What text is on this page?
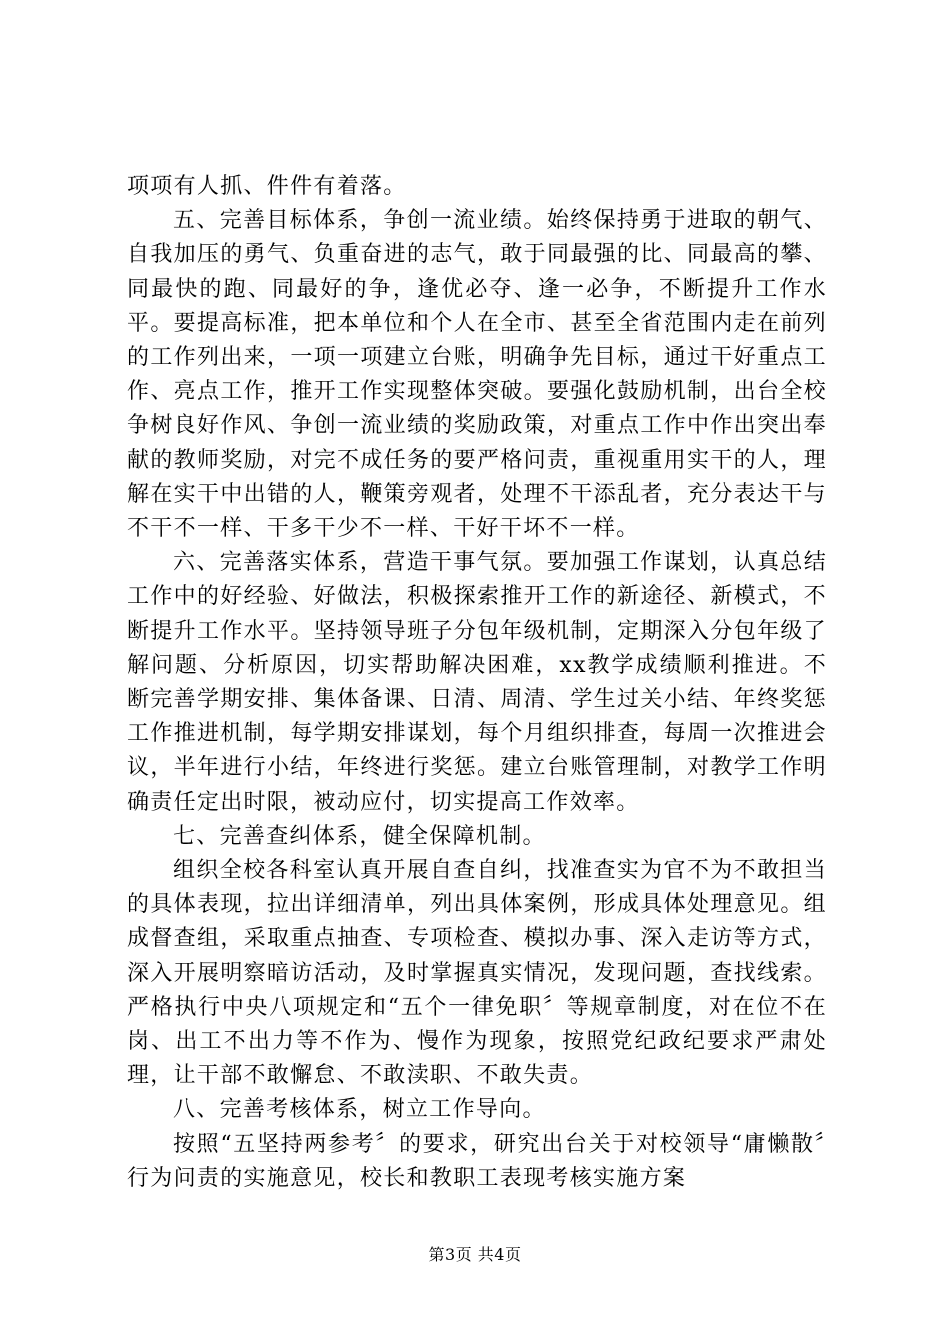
项项有人抓、件件有着落。

五、完善目标体系，争创一流业绩。始终保持勇于进取的朝气、自我加压的勇气、负重奋进的志气，敢于同最强的比、同最高的攀、同最快的跑、同最好的争，逢优必夺、逢一必争，不断提升工作水平。要提高标准，把本单位和个人在全市、甚至全省范围内走在前列的工作列出来，一项一项建立台账，明确争先目标，通过干好重点工作、亮点工作，推开工作实现整体突破。要强化鼓励机制，出台全校争树良好作风、争创一流业绩的奖励政策，对重点工作中作出突出奉献的教师奖励，对完不成任务的要严格问责，重视重用实干的人，理解在实干中出错的人，鞭策旁观者，处理不干添乱者，充分表达干与不干不一样、干多干少不一样、干好干坏不一样。

六、完善落实体系，营造干事气氛。要加强工作谋划，认真总结工作中的好经验、好做法，积极探索推开工作的新途径、新模式，不断提升工作水平。坚持领导班子分包年级机制，定期深入分包年级了解问题、分析原因，切实帮助解决困难，xx教学成绩顺利推进。不断完善学期安排、集体备课、日清、周清、学生过关小结、年终奖惩工作推进机制，每学期安排谋划，每个月组织排查，每周一次推进会议，半年进行小结，年终进行奖惩。建立台账管理制，对教学工作明确责任定出时限，被动应付，切实提高工作效率。

七、完善查纠体系，健全保障机制。

组织全校各科室认真开展自查自纠，找准查实为官不为不敢担当的具体表现，拉出详细清单，列出具体案例，形成具体处理意见。组成督查组，采取重点抽查、专项检查、模拟办事、深入走访等方式，深入开展明察暗访活动，及时掌握真实情况，发现问题，查找线索。严格执行中央八项规定和“五个一律免职〞等规章制度，对在位不在岗、出工不出力等不作为、慢作为现象，按照党纪政纪要求严肃处理，让干部不敢懈怠、不敢渎职、不敢失责。

八、完善考核体系，树立工作导向。

按照“五坚持两参考〞的要求，研究出台关于对校领导“庸懒散〞行为问责的实施意见，校长和教职工表现考核实施方案

第3页 共4页
